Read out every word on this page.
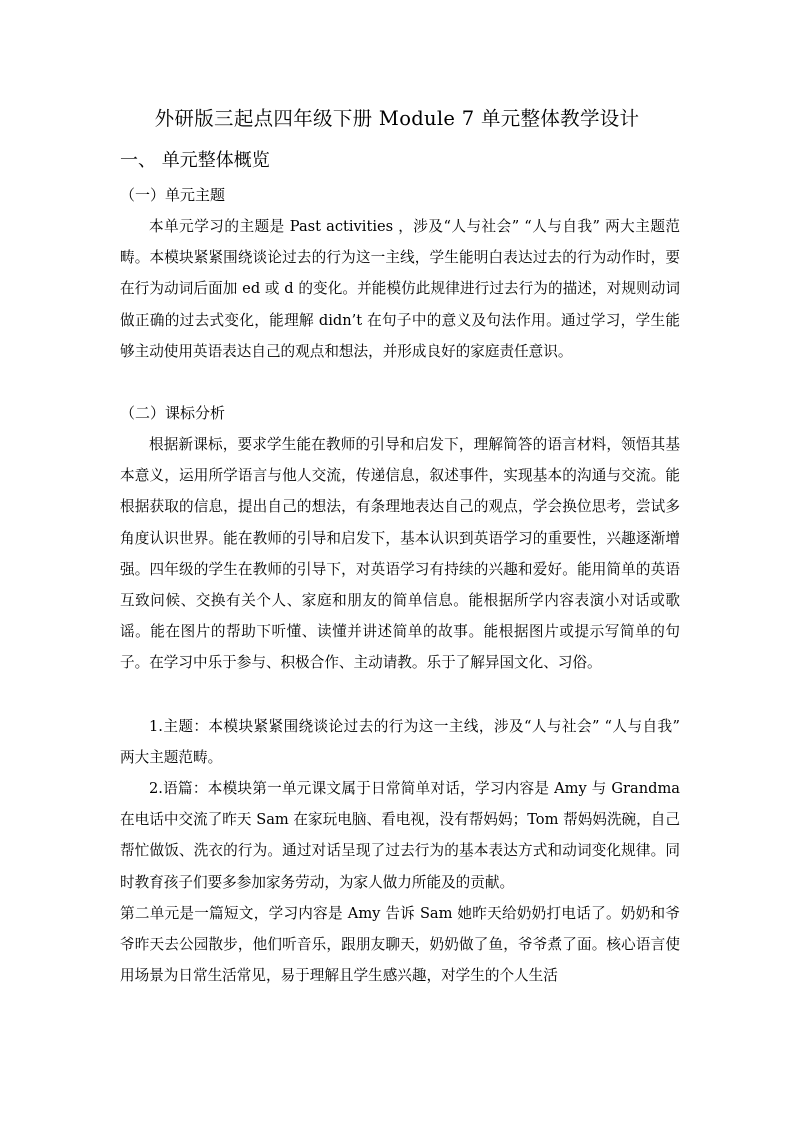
外研版三起点四年级下册 Module 7 单元整体教学设计
一、 单元整体概览
（一）单元主题

本单元学习的主题是 Past activities ，涉及“人与社会” “人与自我” 两大主题范畴。本模块紧紧围绕谈论过去的行为这一主线，学生能明白表达过去的行为动作时，要在行为动词后面加 ed 或 d 的变化。并能模仿此规律进行过去行为的描述，对规则动词做正确的过去式变化，能理解 didn’t 在句子中的意义及句法作用。通过学习，学生能够主动使用英语表达自己的观点和想法，并形成良好的家庭责任意识。

（二）课标分析

根据新课标，要求学生能在教师的引导和启发下，理解简答的语言材料，领悟其基本意义，运用所学语言与他人交流，传递信息，叙述事件，实现基本的沟通与交流。能根据获取的信息，提出自己的想法，有条理地表达自己的观点，学会换位思考，尝试多角度认识世界。能在教师的引导和启发下，基本认识到英语学习的重要性，兴趣逐渐增强。四年级的学生在教师的引导下，对英语学习有持续的兴趣和爱好。能用简单的英语互致问候、交换有关个人、家庭和朋友的简单信息。能根据所学内容表演小对话或歌谣。能在图片的帮助下听懂、读懂并讲述简单的故事。能根据图片或提示写简单的句子。在学习中乐于参与、积极合作、主动请教。乐于了解异国文化、习俗。

1.主题：本模块紧紧围绕谈论过去的行为这一主线，涉及“人与社会” “人与自我” 两大主题范畴。

2.语篇：本模块第一单元课文属于日常简单对话，学习内容是 Amy 与 Grandma 在电话中交流了昨天 Sam 在家玩电脑、看电视，没有帮妈妈；Tom 帮妈妈洗碗，自己帮忙做饭、洗衣的行为。通过对话呈现了过去行为的基本表达方式和动词变化规律。同时教育孩子们要多参加家务劳动，为家人做力所能及的贡献。

第二单元是一篇短文，学习内容是 Amy 告诉 Sam 她昨天给奶奶打电话了。奶奶和爷爷昨天去公园散步，他们听音乐，跟朋友聊天，奶奶做了鱼，爷爷煮了面。核心语言使用场景为日常生活常见，易于理解且学生感兴趣，对学生的个人生活
